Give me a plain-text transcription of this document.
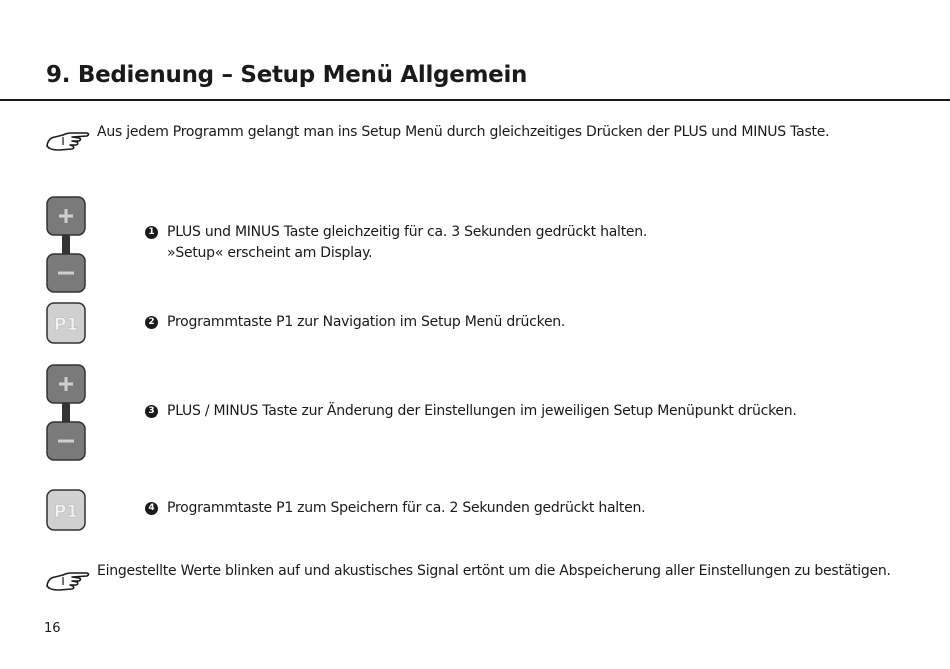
9. Bedienung – Setup Menü Allgemein
Aus jedem Programm gelangt man ins Setup Menü durch gleichzeitiges Drücken der PLUS und MINUS Taste.
1 PLUS und MINUS Taste gleichzeitig für ca. 3 Sekunden gedrückt halten.
»Setup« erscheint am Display.
P1	2 Programmtaste P1 zur Navigation im Setup Menü drücken.
3 PLUS / MINUS Taste zur Änderung der Einstellungen im jeweiligen Setup Menüpunkt drücken.
P1	4 Programmtaste P1 zum Speichern für ca. 2 Sekunden gedrückt halten.
Eingestellte Werte blinken auf und akustisches Signal ertönt um die Abspeicherung aller Einstellungen zu bestätigen.
16
